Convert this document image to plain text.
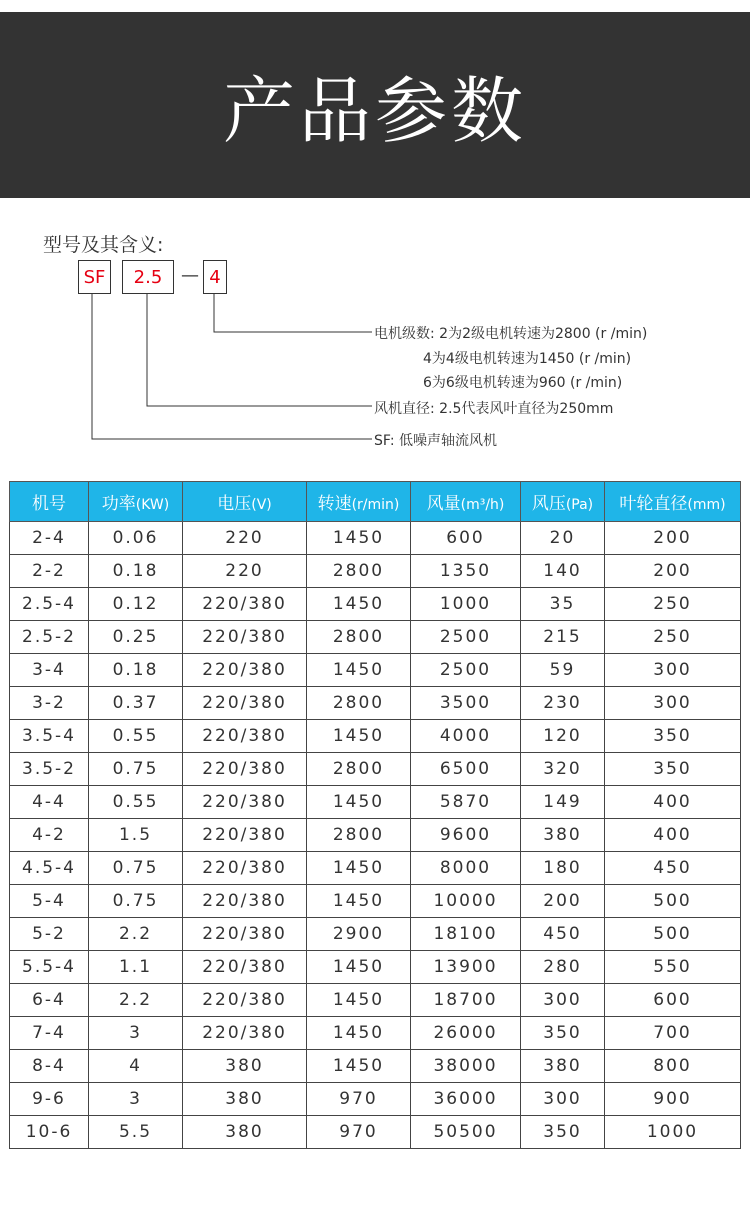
产品参数
型号及其含义:
SF	2.5	— 4
电机级数: 2为2级电机转速为2800 (r /min)
4为4级电机转速为1450 (r /min)
6为6级电机转速为960 (r /min)
风机直径: 2.5代表风叶直径为250mm
SF: 低噪声轴流风机
机号	功率(KW)	电压(V)	转速(r/min)	风量(m³/h)	风压(Pa)	叶轮直径(mm)
2-4	0.06	220	1450	600	20	200
2-2	0.18	220	2800	1350	140	200
2.5-4	0.12	220/380	1450	1000	35	250
2.5-2	0.25	220/380	2800	2500	215	250
3-4	0.18	220/380	1450	2500	59	300
3-2	0.37	220/380	2800	3500	230	300
3.5-4	0.55	220/380	1450	4000	120	350
3.5-2	0.75	220/380	2800	6500	320	350
4-4	0.55	220/380	1450	5870	149	400
4-2	1.5	220/380	2800	9600	380	400
4.5-4	0.75	220/380	1450	8000	180	450
5-4	0.75	220/380	1450	10000	200	500
5-2	2.2	220/380	2900	18100	450	500
5.5-4	1.1	220/380	1450	13900	280	550
6-4	2.2	220/380	1450	18700	300	600
7-4	3	220/380	1450	26000	350	700
8-4	4	380	1450	38000	380	800
9-6	3	380	970	36000	300	900
10-6	5.5	380	970	50500	350	1000
